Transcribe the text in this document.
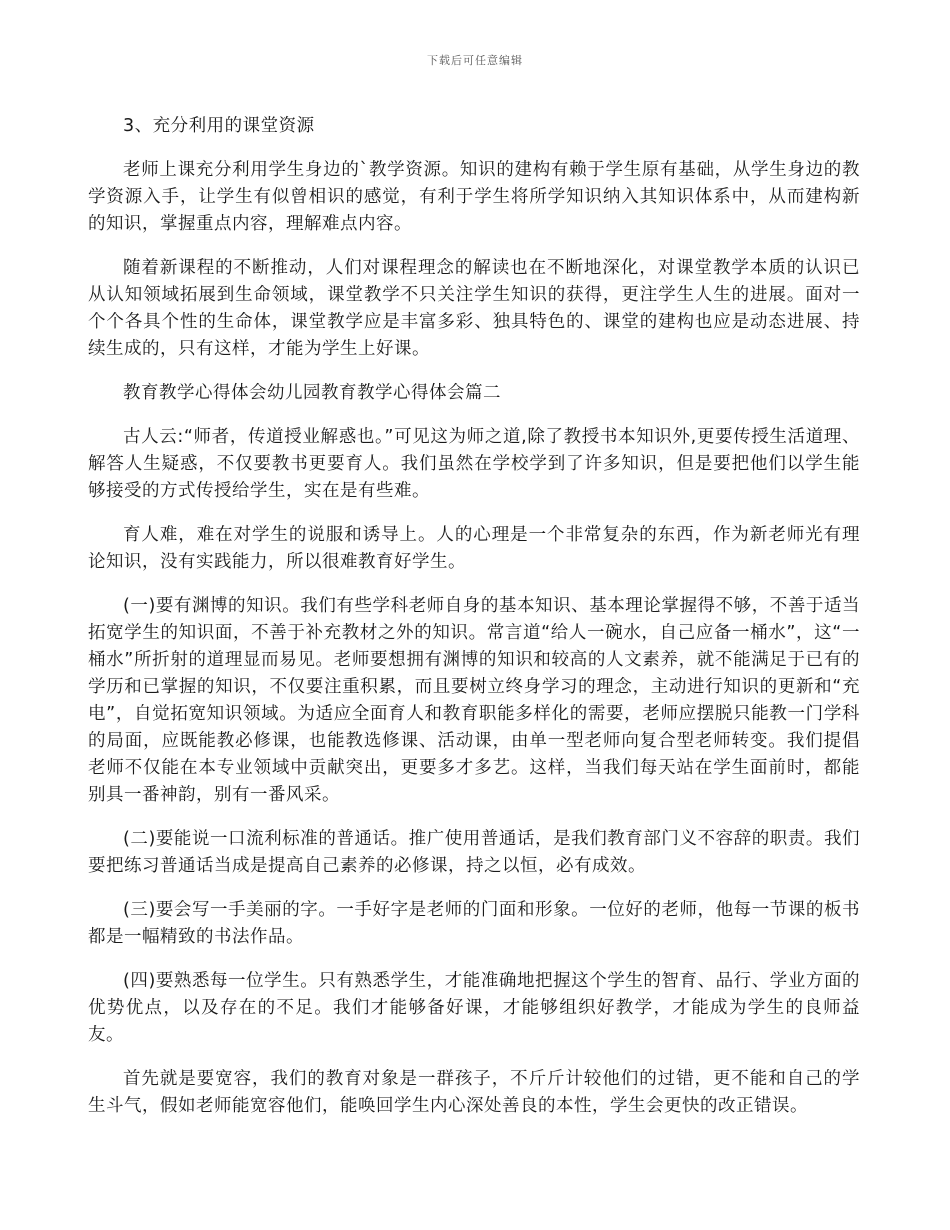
下载后可任意编辑

3、充分利用的课堂资源

老师上课充分利用学生身边的`教学资源。知识的建构有赖于学生原有基础，从学生身边的教学资源入手，让学生有似曾相识的感觉，有利于学生将所学知识纳入其知识体系中，从而建构新的知识，掌握重点内容，理解难点内容。

随着新课程的不断推动，人们对课程理念的解读也在不断地深化，对课堂教学本质的认识已从认知领域拓展到生命领域，课堂教学不只关注学生知识的获得，更注学生人生的进展。面对一个个各具个性的生命体，课堂教学应是丰富多彩、独具特色的、课堂的建构也应是动态进展、持续生成的，只有这样，才能为学生上好课。

教育教学心得体会幼儿园教育教学心得体会篇二

古人云:“师者，传道授业解惑也。”可见这为师之道,除了教授书本知识外,更要传授生活道理、解答人生疑惑，不仅要教书更要育人。我们虽然在学校学到了许多知识，但是要把他们以学生能够接受的方式传授给学生，实在是有些难。

育人难，难在对学生的说服和诱导上。人的心理是一个非常复杂的东西，作为新老师光有理论知识，没有实践能力，所以很难教育好学生。

(一)要有渊博的知识。我们有些学科老师自身的基本知识、基本理论掌握得不够，不善于适当拓宽学生的知识面，不善于补充教材之外的知识。常言道“给人一碗水，自己应备一桶水”，这“一桶水”所折射的道理显而易见。老师要想拥有渊博的知识和较高的人文素养，就不能满足于已有的学历和已掌握的知识，不仅要注重积累，而且要树立终身学习的理念，主动进行知识的更新和“充电”，自觉拓宽知识领域。为适应全面育人和教育职能多样化的需要，老师应摆脱只能教一门学科的局面，应既能教必修课，也能教选修课、活动课，由单一型老师向复合型老师转变。我们提倡老师不仅能在本专业领域中贡献突出，更要多才多艺。这样，当我们每天站在学生面前时，都能别具一番神韵，别有一番风采。

(二)要能说一口流利标准的普通话。推广使用普通话，是我们教育部门义不容辞的职责。我们要把练习普通话当成是提高自己素养的必修课，持之以恒，必有成效。

(三)要会写一手美丽的字。一手好字是老师的门面和形象。一位好的老师，他每一节课的板书都是一幅精致的书法作品。

(四)要熟悉每一位学生。只有熟悉学生，才能准确地把握这个学生的智育、品行、学业方面的优势优点，以及存在的不足。我们才能够备好课，才能够组织好教学，才能成为学生的良师益友。

首先就是要宽容，我们的教育对象是一群孩子，不斤斤计较他们的过错，更不能和自己的学生斗气，假如老师能宽容他们，能唤回学生内心深处善良的本性，学生会更快的改正错误。
